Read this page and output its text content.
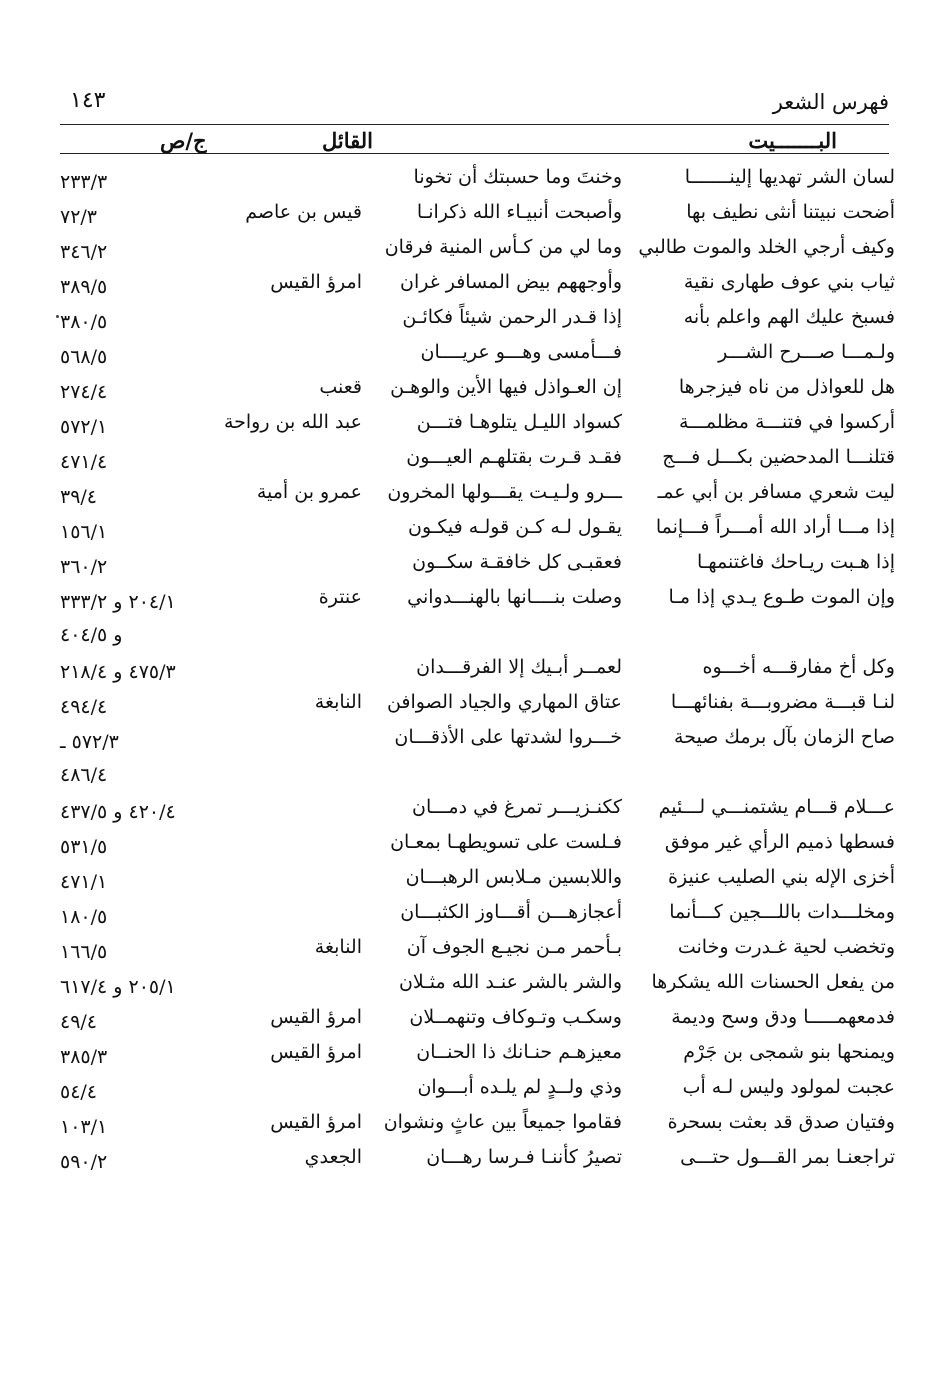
١٤٣	فهرس الشعر
البـــــــيت
القائل
ج/ص
لسان الشر تهديها إلينـــــــا
وخنتَ وما حسبتك أن تخونا
٢٣٣/٣
أضحت نبيتنا أنثى نطيف بها
وأصبحت أنبيـاء الله ذكرانـا
قيس بن عاصم
٧٢/٣
وكيف أرجي الخلد والموت طالبي
وما لي من كـأس المنية فرقان
٣٤٦/٢
ثياب بني عوف طهارى نقية
وأوجههم بيض المسافر غران
امرؤ القيس
٣٨٩/٥
فسبخ عليك الهم واعلم بأنه
إذا قـدر الرحمن شيئاً فكائـن
٣٨٠/٥
ولـمـــا صـــرح الشـــر
فـــأمسى وهـــو عريــــان
٥٦٨/٥
هل للعواذل من ناه فيزجرها
إن العـواذل فيها الأين والوهـن
قعنب
٢٧٤/٤
أركسوا في فتنـــة مظلمـــة
كسواد الليـل يتلوهـا فتـــن
عبد الله بن رواحة
٥٧٢/١
قتلنـــا المدحضين بكـــل فـــج
فقـد قـرت بقتلهـم العيـــون
٤٧١/٤
ليت شعري مسافر بن أبي عمـ
ـــرو ولـيـت يقـــولها المخرون
عمرو بن أمية
٣٩/٤
إذا مـــا أراد الله أمـــراً فـــإنما
يقـول لـه كـن قولـه فيكـون
١٥٦/١
إذا هـبت ريـاحك فاغتنمهـا
فعقبـى كل خافقـة سكــون
٣٦٠/٢
وإن الموت طـوع يـدي إذا مـا
وصلت بنــــانها بالهنـــدواني
عنترة
٢٠٤/١ و ٣٣٣/٢
و ٤٠٤/٥
وكل أخ مفارقـــه أخـــوه
لعمــر أبـيك إلا الفرقـــدان
٤٧٥/٣ و ٢١٨/٤
لنـا قبـــة مضروبـــة بفنائهـــا
عتاق المهاري والجياد الصوافن
النابغة
٤٩٤/٤
صاح الزمان بآل برمك صيحة
خـــروا لشدتها على الأذقـــان
٥٧٢/٣ ـ
٤٨٦/٤
عـــلام قـــام يشتمنـــي لـــئيم
ككنـزيـــر تمرغ في دمـــان
٤٢٠/٤ و ٤٣٧/٥
فسطها ذميم الرأي غير موفق
فـلست على تسويطهـا بمعـان
٥٣١/٥
أخزى الإله بني الصليب عنيزة
واللابسين مـلابس الرهبـــان
٤٧١/١
ومخلـــدات باللـــجين كـــأنما
أعجازهـــن أقـــاوز الكثبـــان
١٨٠/٥
وتخضب لحية غـدرت وخانت
بـأحمر مـن نجيـع الجوف آن
النابغة
١٦٦/٥
من يفعل الحسنات الله يشكرها
والشر بالشر عنـد الله مثـلان
٢٠٥/١ و ٦١٧/٤
فدمعهمـــــا ودق وسح وديمة
وسكـب وتـوكاف وتنهمــلان
امرؤ القيس
٤٩/٤
ويمنحها بنو شمجى بن جَرْم
معيزهـم حنـانك ذا الحنــان
امرؤ القيس
٣٨٥/٣
عجبت لمولود وليس لـه أب
وذي ولــدٍ لم يلـده أبـــوان
٥٤/٤
وفتيان صدق قد بعثت بسحرة
فقاموا جميعاً بين عاثٍ ونشوان
امرؤ القيس
١٠٣/١
تراجعنـا بمر القـــول حتـــى
تصيرُ كأننـا فـرسا رهـــان
الجعدي
٥٩٠/٢
